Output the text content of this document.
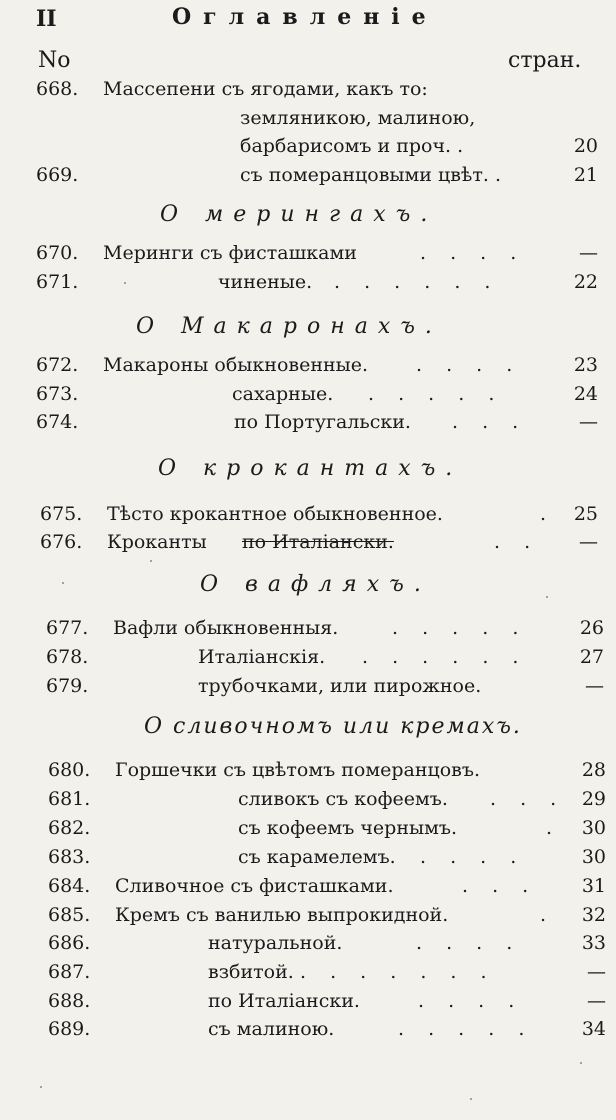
II	Оглавленіе
No	стран.
668. Массепени съ ягодами, какъ то:
земляникою, малиною,
барбарисомъ и проч. .	20
669.	съ померанцовыми цвѣт. .	21
О мерингахъ.
670. Меринги съ фисташками	. . . .	—
671.	чиненые. . . . . . .	22
О Макаронахъ.
672. Макароны обыкновенные.	. . . .	23
673.	сахарные. . . . . .	24
674.	по Португальски. . . .	—
О крокантахъ.
675. Тѣсто крокантное обыкновенное.	. 25
676. Кроканты по Италіански.	. .	—
О вафляхъ.
677. Вафли обыкновенныя.	. . . . .	26
678.	Италіанскія. . . . . . .	27
679.	трубочками, или пирожное.	—
О сливочномъ или кремахъ.
680. Горшечки съ цвѣтомъ померанцовъ.	28
681.	сливокъ съ кофеемъ. . . . 29
682.	съ кофеемъ чернымъ.	.	30
683.	съ карамелемъ. . . . .	30
684. Сливочное съ фисташками.	. . .	31
685. Кремъ съ ванилью выпрокидной.	.	32
686.	натуральной.	. . . .	33
687.	взбитой. . . . . . . .	—
688.	по Италіански.	. . . .	—
689.	съ малиною.	. . . . .	34
